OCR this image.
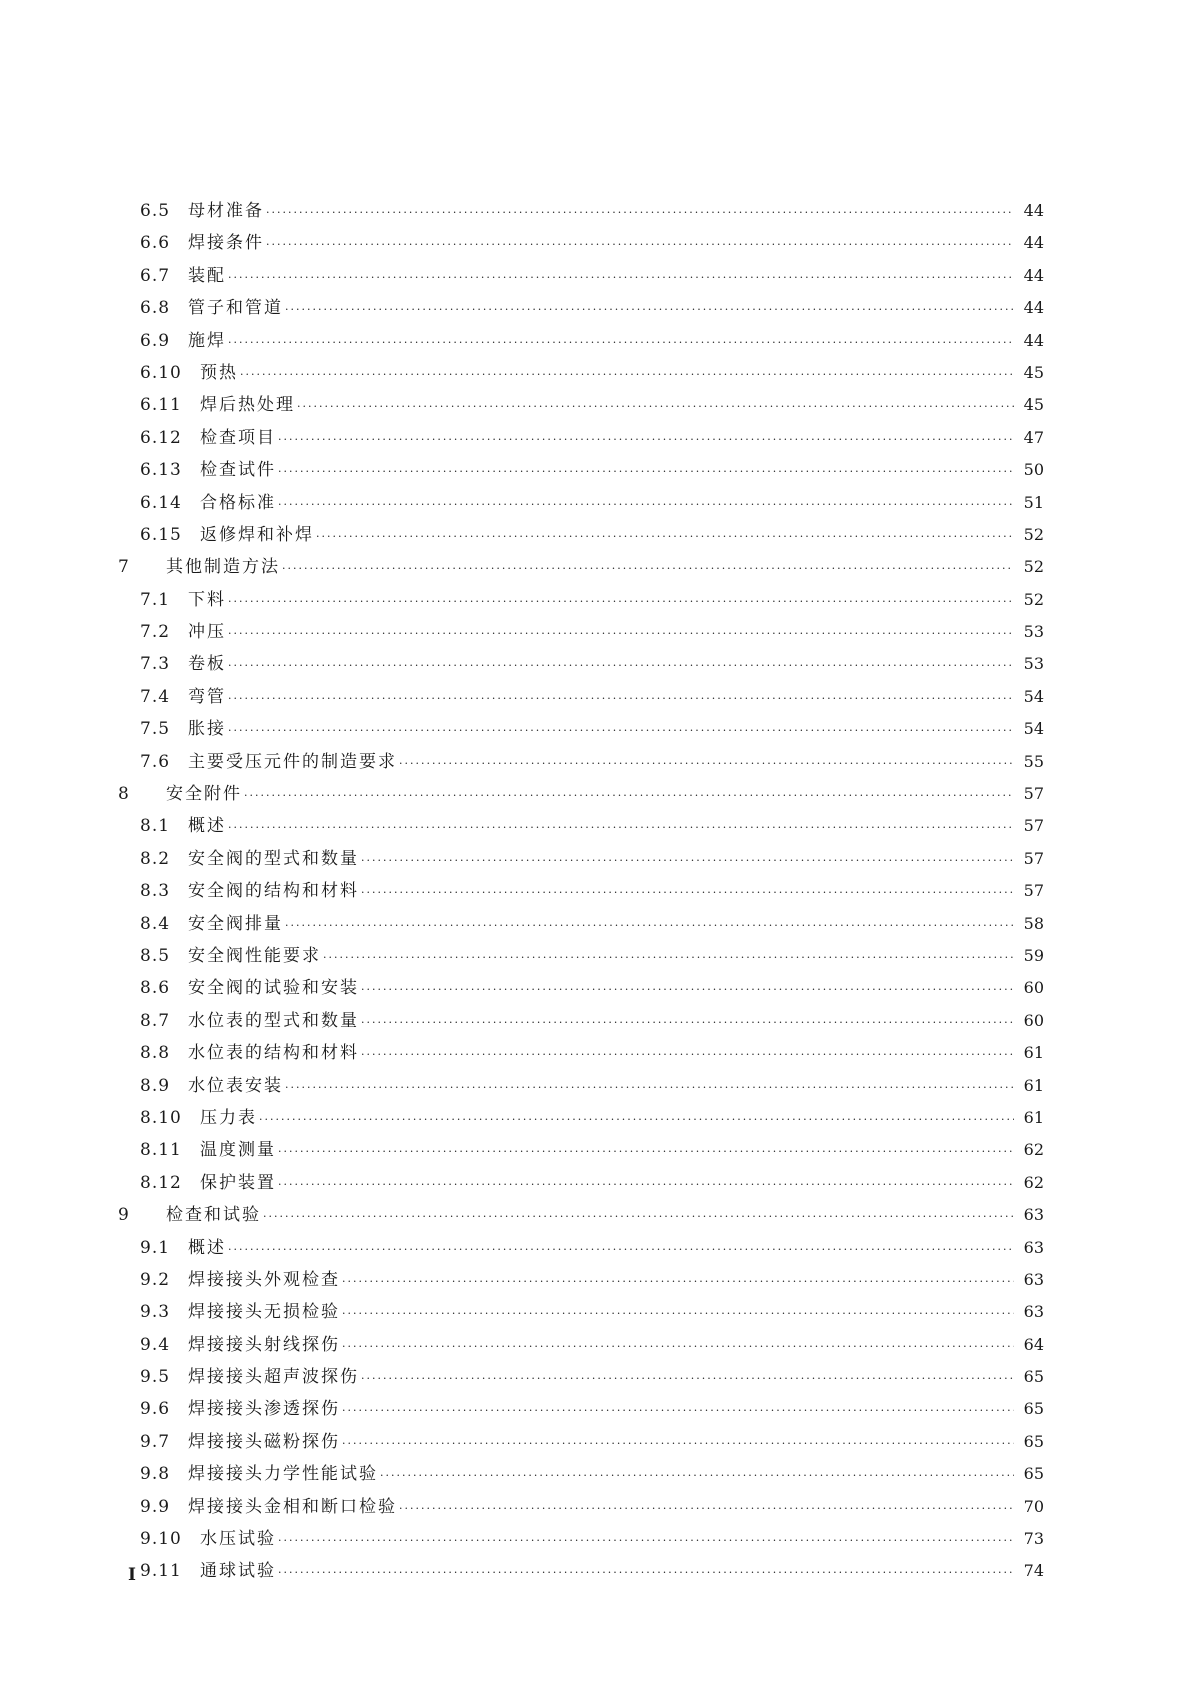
6.5	母材准备 ·····	44
6.6	焊接条件 ·····	44
6.7	装配 ·····	44
6.8	管子和管道 ·····	44
6.9	施焊 ·····	44
6.10	预热 ·····	45
6.11	焊后热处理 ·····	45
6.12	检查项目 ·····	47
6.13	检查试件 ·····	50
6.14	合格标准 ·····	51
6.15	返修焊和补焊 ·····	52
7	其他制造方法 ·····	52
7.1	下料 ·····	52
7.2	冲压 ·····	53
7.3	卷板 ·····	53
7.4	弯管 ·····	54
7.5	胀接 ·····	54
7.6	主要受压元件的制造要求 ·····	55
8	安全附件 ·····	57
8.1	概述 ·····	57
8.2	安全阀的型式和数量 ·····	57
8.3	安全阀的结构和材料 ·····	57
8.4	安全阀排量 ·····	58
8.5	安全阀性能要求 ·····	59
8.6	安全阀的试验和安装 ·····	60
8.7	水位表的型式和数量 ·····	60
8.8	水位表的结构和材料 ·····	61
8.9	水位表安装 ·····	61
8.10	压力表 ·····	61
8.11	温度测量 ·····	62
8.12	保护装置 ·····	62
9	检查和试验 ·····	63
9.1	概述 ·····	63
9.2	焊接接头外观检查 ·····	63
9.3	焊接接头无损检验 ·····	63
9.4	焊接接头射线探伤 ·····	64
9.5	焊接接头超声波探伤 ·····	65
9.6	焊接接头渗透探伤 ·····	65
9.7	焊接接头磁粉探伤 ·····	65
9.8	焊接接头力学性能试验 ·····	65
9.9	焊接接头金相和断口检验 ·····	70
9.10	水压试验 ·····	73
9.11	通球试验 ·····	74
I
